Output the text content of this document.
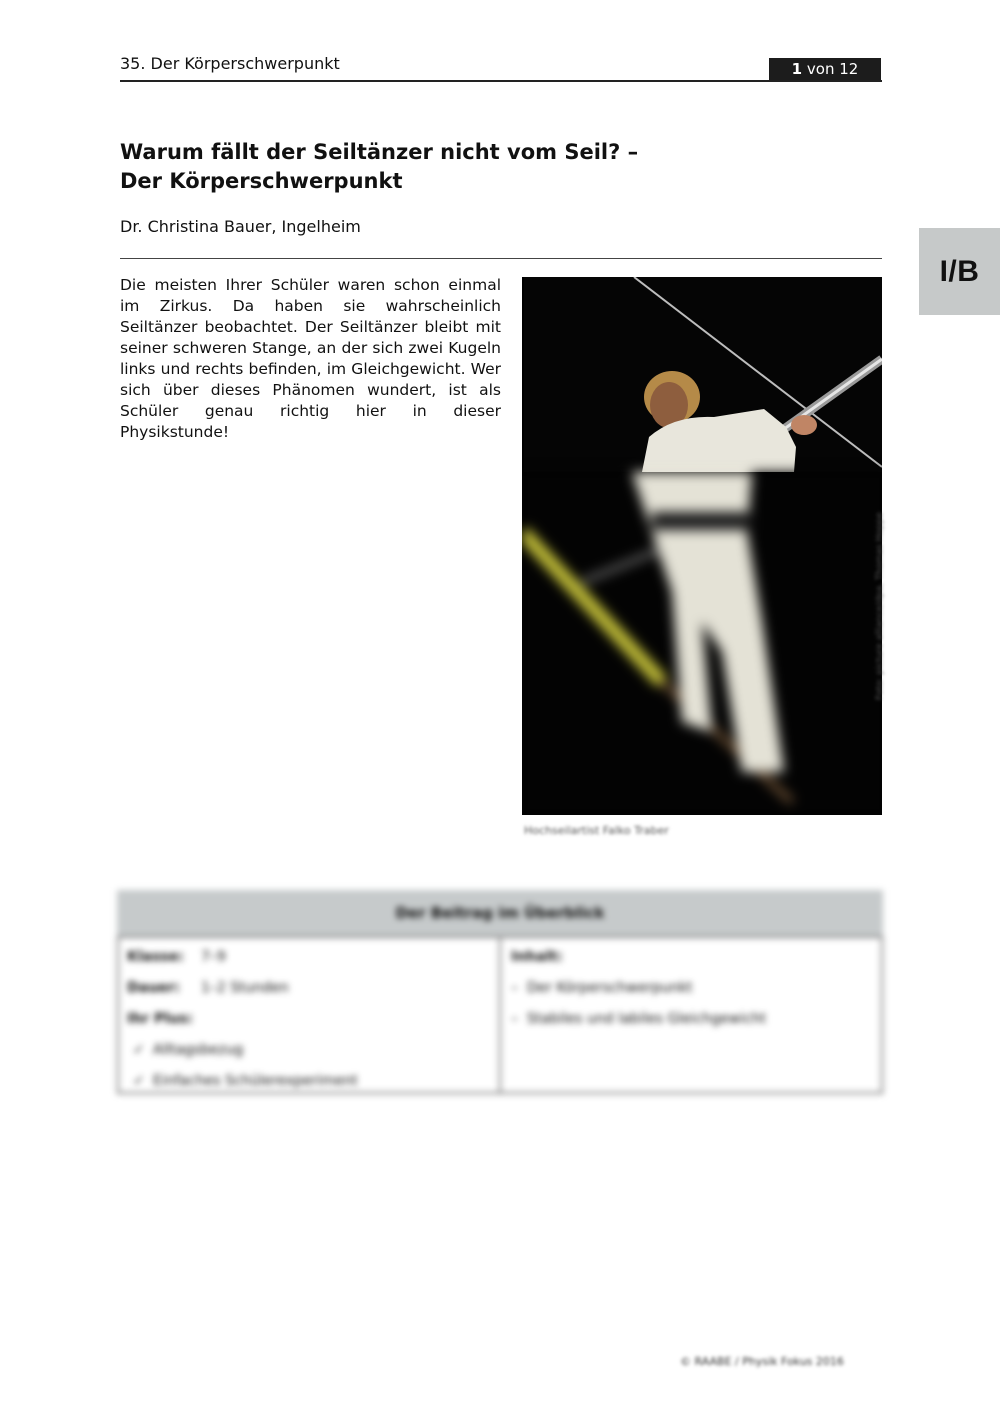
35. Der Körperschwerpunkt	1 von 12
Warum fällt der Seiltänzer nicht vom Seil? –
Der Körperschwerpunkt
Dr. Christina Bauer, Ingelheim
I/B
Die meisten Ihrer Schüler waren schon einmal im Zirkus. Da haben sie wahrscheinlich Seiltänzer beobachtet. Der Seiltänzer bleibt mit seiner schweren Stange, an der sich zwei Kugeln links und rechts befinden, im Gleichgewicht. Wer sich über dieses Phänomen wundert, ist als Schüler genau richtig hier in dieser Physikstunde!
Foto: picture alliance/dpa, Thomas Hoppe
Hochseilartist Falko Traber
Der Beitrag im Überblick
Klasse: 7–9
Dauer: 1–2 Stunden
Ihr Plus:
✓ Alltagsbezug
✓ Einfaches Schülerexperiment
Inhalt:
–  Der Körperschwerpunkt
–  Stabiles und labiles Gleichgewicht
© RAABE / Physik Fokus 2016
